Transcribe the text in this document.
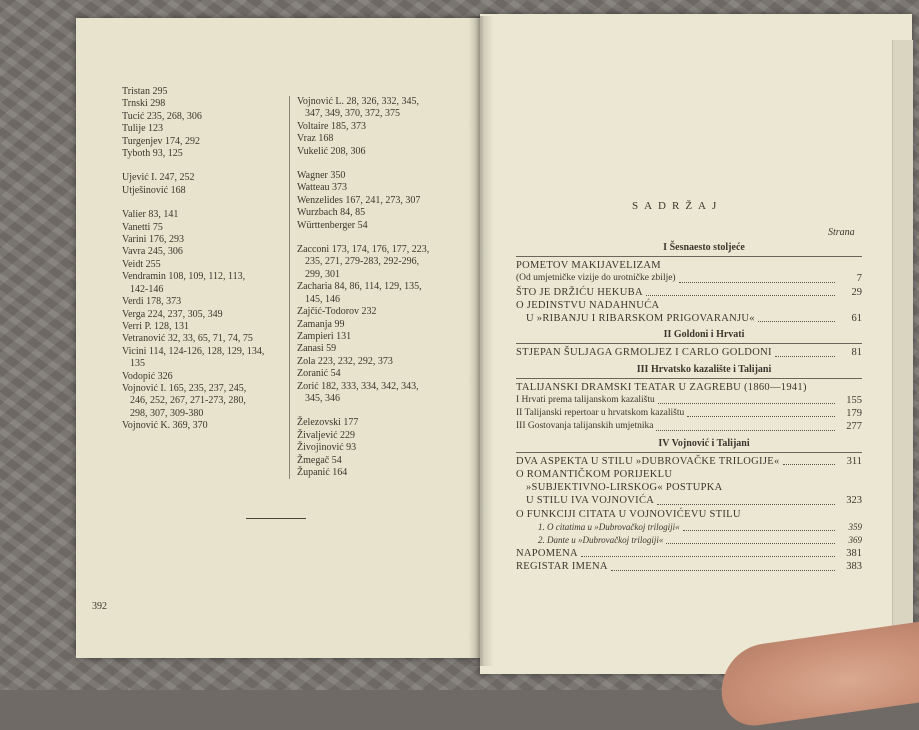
Tristan 295
Trnski 298
Tucić 235, 268, 306
Tulije 123
Turgenjev 174, 292
Tyboth 93, 125
Ujević I. 247, 252
Utješinović 168
Valier 83, 141
Vanetti 75
Varini 176, 293
Vavra 245, 306
Veidt 255
Vendramin 108, 109, 112, 113,

142-146
Verdi 178, 373
Verga 224, 237, 305, 349
Verri P. 128, 131
Vetranović 32, 33, 65, 71, 74, 75
Vicini 114, 124-126, 128, 129, 134,

135
Vodopić 326
Vojnović I. 165, 235, 237, 245,

246, 252, 267, 271-273, 280,
298, 307, 309-380
Vojnović K. 369, 370
Vojnović L. 28, 326, 332, 345,

347, 349, 370, 372, 375
Voltaire 185, 373
Vraz 168
Vukelić 208, 306
Wagner 350
Watteau 373
Wenzelides 167, 241, 273, 307
Wurzbach 84, 85
Württenberger 54
Zacconi 173, 174, 176, 177, 223,

235, 271, 279-283, 292-296,
299, 301
Zacharia 84, 86, 114, 129, 135,

145, 146
Zajčić-Todorov 232
Zamanja 99
Zampieri 131
Zanasi 59
Zola 223, 232, 292, 373
Zoranić 54
Zorić 182, 333, 334, 342, 343,

345, 346
Železovski 177
Živaljević 229
Živojinović 93
Žmegač 54
Županić 164
392
SADRŽAJ
Strana
I Šesnaesto stoljeće
POMETOV MAKIJAVELIZAM
(Od umjetničke vizije do urotničke zbilje)	7
ŠTO JE DRŽIĆU HEKUBA	29
O JEDINSTVU NADAHNUĆA
U »RIBANJU I RIBARSKOM PRIGOVARANJU«	61
II Goldoni i Hrvati
STJEPAN ŠULJAGA GRMOLJEZ I CARLO GOLDONI	81
III Hrvatsko kazalište i Talijani
TALIJANSKI DRAMSKI TEATAR U ZAGREBU (1860—1941)
I Hrvati prema talijanskom kazalištu	155
II Talijanski repertoar u hrvatskom kazalištu	179
III Gostovanja talijanskih umjetnika	277
IV Vojnović i Talijani
DVA ASPEKTA U STILU »DUBROVAČKE TRILOGIJE«	311
O ROMANTIČKOM PORIJEKLU
»SUBJEKTIVNO-LIRSKOG« POSTUPKA
U STILU IVA VOJNOVIĆA	323
O FUNKCIJI CITATA U VOJNOVIĆEVU STILU
1. O citatima u »Dubrovačkoj trilogiji«	359
2. Dante u »Dubrovačkoj trilogiji«	369
NAPOMENA	381
REGISTAR IMENA	383
